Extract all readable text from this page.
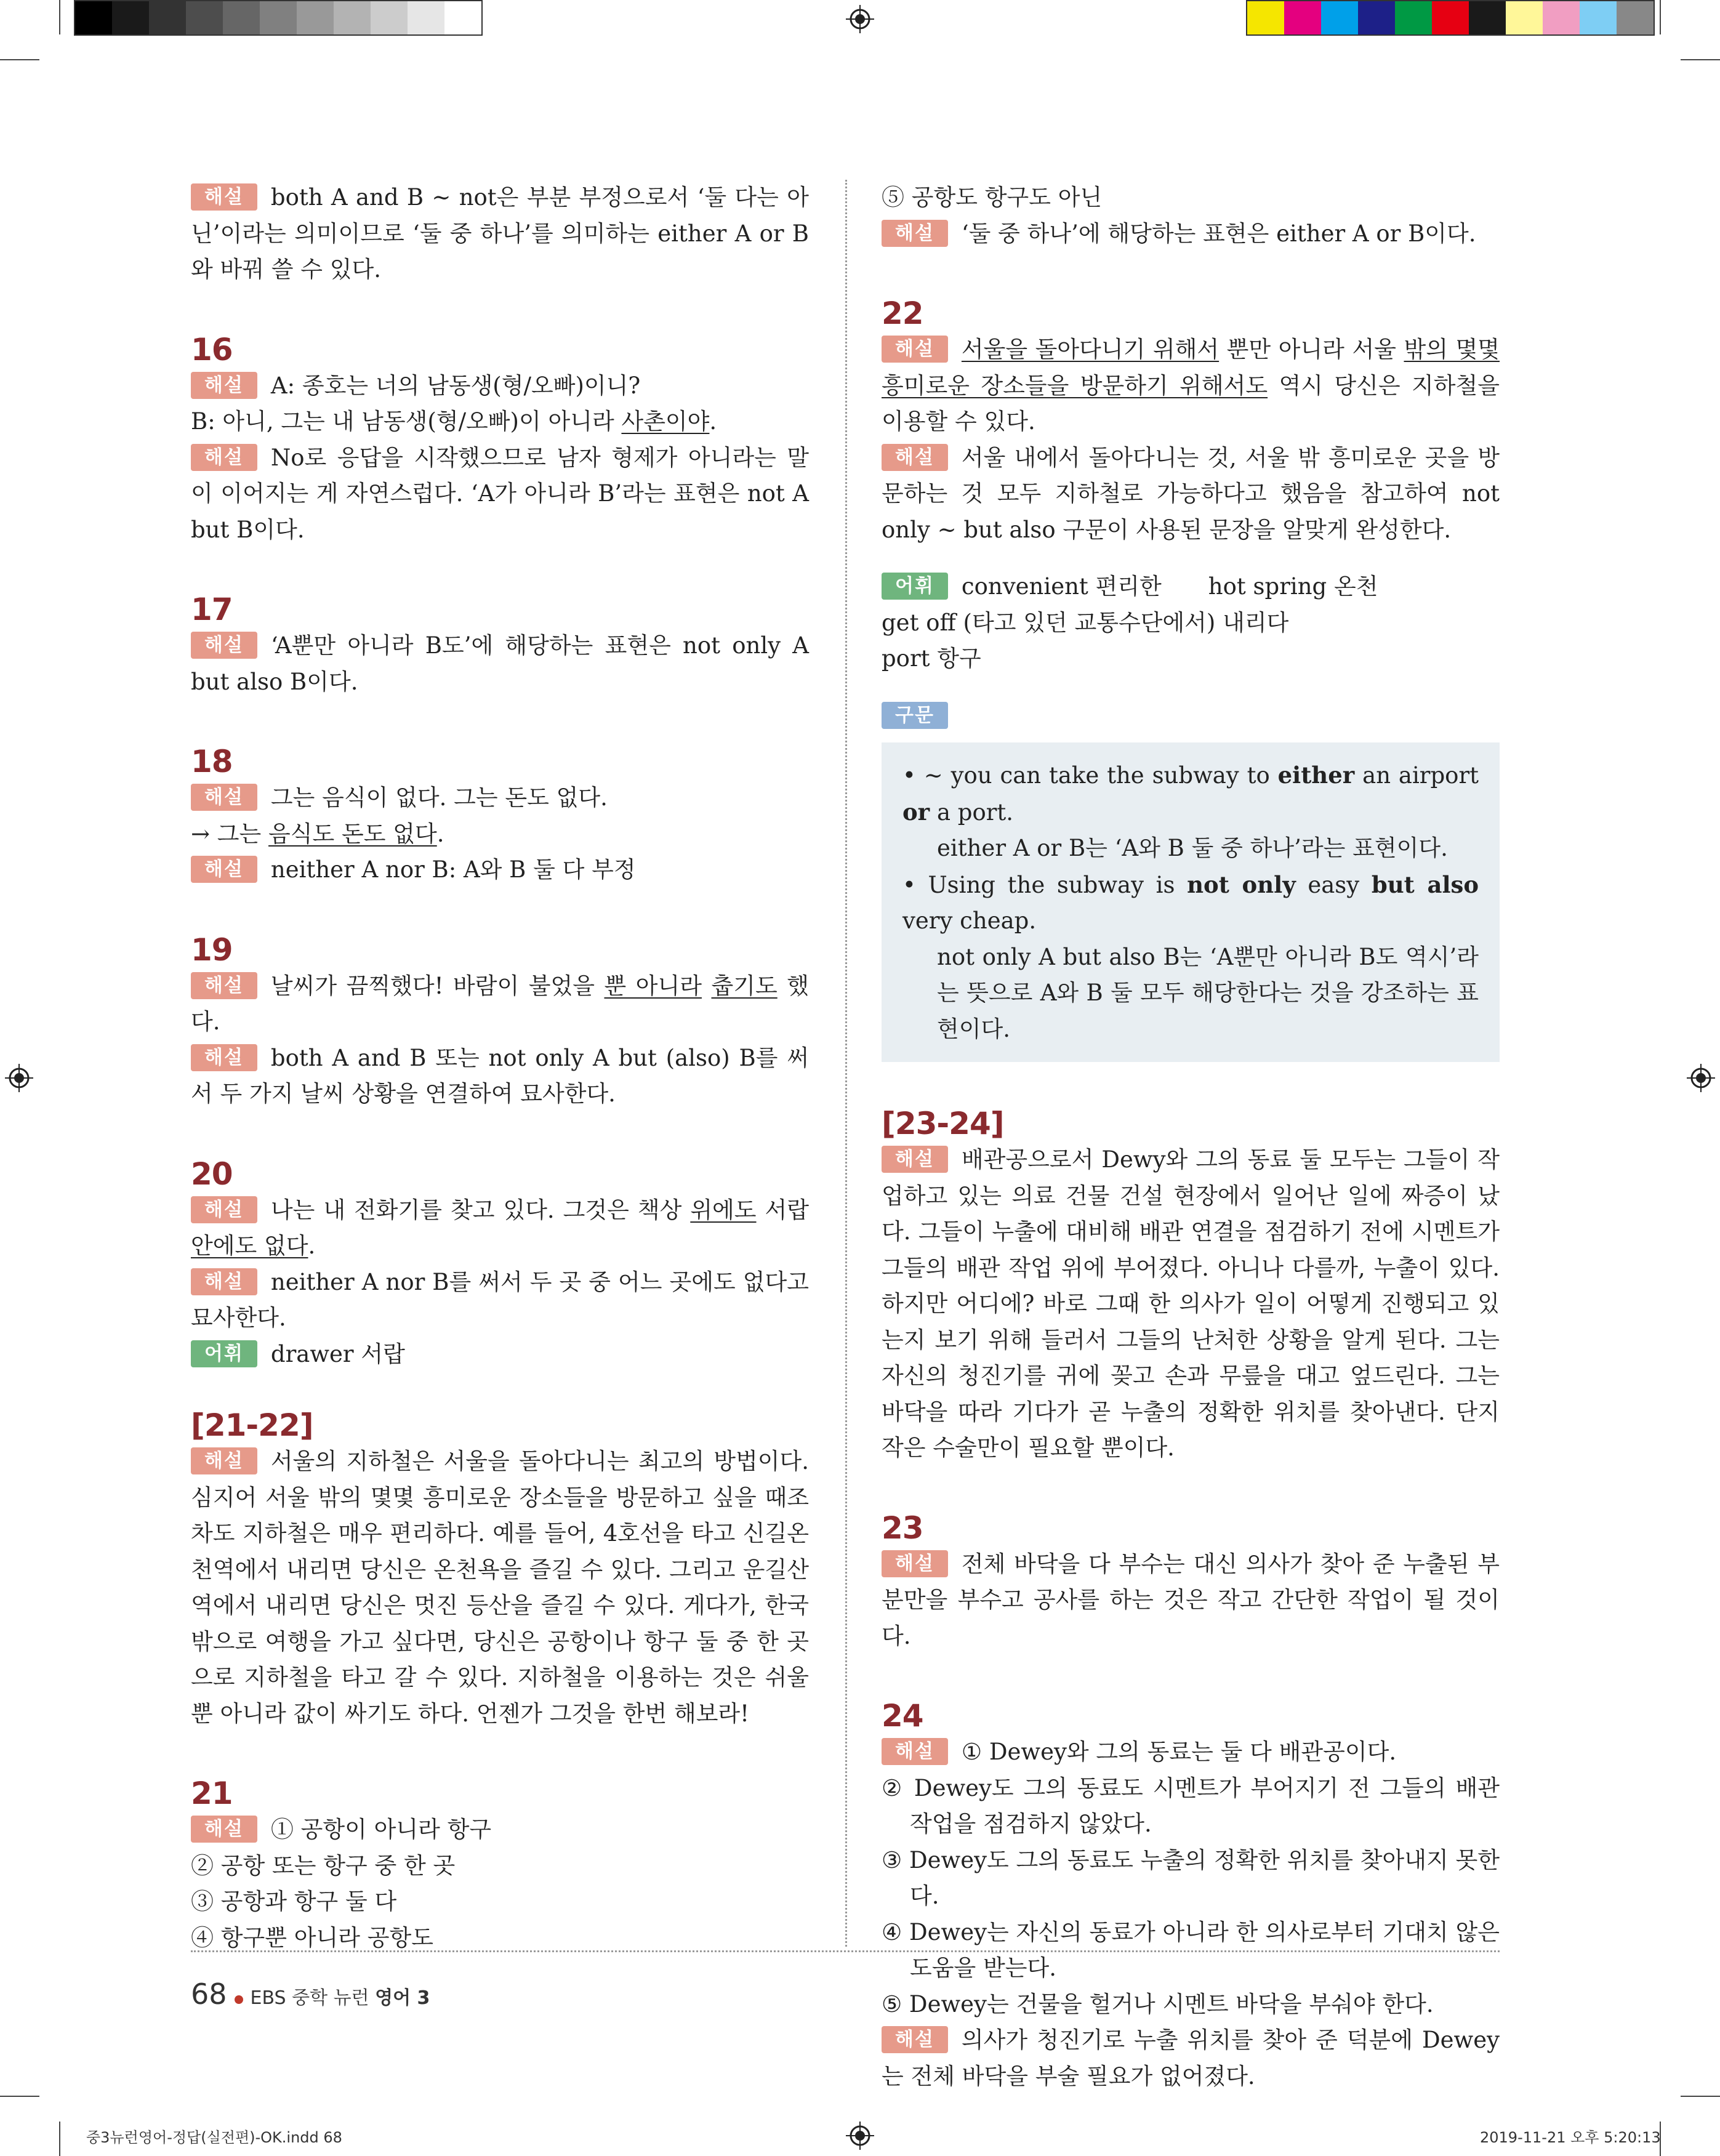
해설 both A and B ~ not은 부분 부정으로서 ‘둘 다는 아닌’이라는 의미이므로 ‘둘 중 하나’를 의미하는 either A or B와 바꿔 쓸 수 있다.

16

해설 A: 종호는 너의 남동생(형/오빠)이니?

B: 아니, 그는 내 남동생(형/오빠)이 아니라 사촌이야.

해설 No로 응답을 시작했으므로 남자 형제가 아니라는 말이 이어지는 게 자연스럽다. ‘A가 아니라 B’라는 표현은 not A but B이다.

17

해설 ‘A뿐만 아니라 B도’에 해당하는 표현은 not only A but also B이다.

18

해설 그는 음식이 없다. 그는 돈도 없다.

→ 그는 음식도 돈도 없다.

해설 neither A nor B: A와 B 둘 다 부정

19

해설 날씨가 끔찍했다! 바람이 불었을 뿐 아니라 춥기도 했다.

해설 both A and B 또는 not only A but (also) B를 써서 두 가지 날씨 상황을 연결하여 묘사한다.

20

해설 나는 내 전화기를 찾고 있다. 그것은 책상 위에도 서랍 안에도 없다.

해설 neither A nor B를 써서 두 곳 중 어느 곳에도 없다고 묘사한다.

어휘 drawer 서랍

[21-22]

해설 서울의 지하철은 서울을 돌아다니는 최고의 방법이다. 심지어 서울 밖의 몇몇 흥미로운 장소들을 방문하고 싶을 때조차도 지하철은 매우 편리하다. 예를 들어, 4호선을 타고 신길온천역에서 내리면 당신은 온천욕을 즐길 수 있다. 그리고 운길산역에서 내리면 당신은 멋진 등산을 즐길 수 있다. 게다가, 한국 밖으로 여행을 가고 싶다면, 당신은 공항이나 항구 둘 중 한 곳으로 지하철을 타고 갈 수 있다. 지하철을 이용하는 것은 쉬울 뿐 아니라 값이 싸기도 하다. 언젠가 그것을 한번 해보라!

21

해설 ① 공항이 아니라 항구

② 공항 또는 항구 중 한 곳

③ 공항과 항구 둘 다

④ 항구뿐 아니라 공항도

⑤ 공항도 항구도 아닌

해설 ‘둘 중 하나’에 해당하는 표현은 either A or B이다.

22

해설 서울을 돌아다니기 위해서 뿐만 아니라 서울 밖의 몇몇 흥미로운 장소들을 방문하기 위해서도 역시 당신은 지하철을 이용할 수 있다.

해설 서울 내에서 돌아다니는 것, 서울 밖 흥미로운 곳을 방문하는 것 모두 지하철로 가능하다고 했음을 참고하여 not only ~ but also 구문이 사용된 문장을 알맞게 완성한다.

어휘 convenient 편리한 hot spring 온천

get off (타고 있던 교통수단에서) 내리다

port 항구

구문

• ~ you can take the subway to either an airport or a port.

either A or B는 ‘A와 B 둘 중 하나’라는 표현이다.

• Using the subway is not only easy but also very cheap.

not only A but also B는 ‘A뿐만 아니라 B도 역시’라는 뜻으로 A와 B 둘 모두 해당한다는 것을 강조하는 표현이다.

[23-24]

해설 배관공으로서 Dewy와 그의 동료 둘 모두는 그들이 작업하고 있는 의료 건물 건설 현장에서 일어난 일에 짜증이 났다. 그들이 누출에 대비해 배관 연결을 점검하기 전에 시멘트가 그들의 배관 작업 위에 부어졌다. 아니나 다를까, 누출이 있다. 하지만 어디에? 바로 그때 한 의사가 일이 어떻게 진행되고 있는지 보기 위해 들러서 그들의 난처한 상황을 알게 된다. 그는 자신의 청진기를 귀에 꽂고 손과 무릎을 대고 엎드린다. 그는 바닥을 따라 기다가 곧 누출의 정확한 위치를 찾아낸다. 단지 작은 수술만이 필요할 뿐이다.

23

해설 전체 바닥을 다 부수는 대신 의사가 찾아 준 누출된 부분만을 부수고 공사를 하는 것은 작고 간단한 작업이 될 것이다.

24

해설 ① Dewey와 그의 동료는 둘 다 배관공이다.

② Dewey도 그의 동료도 시멘트가 부어지기 전 그들의 배관 작업을 점검하지 않았다.

③ Dewey도 그의 동료도 누출의 정확한 위치를 찾아내지 못한다.

④ Dewey는 자신의 동료가 아니라 한 의사로부터 기대치 않은 도움을 받는다.

⑤ Dewey는 건물을 헐거나 시멘트 바닥을 부숴야 한다.

해설 의사가 청진기로 누출 위치를 찾아 준 덕분에 Dewey는 전체 바닥을 부술 필요가 없어졌다.

68 EBS 중학 뉴런 영어 3
중3뉴런영어-정답(실전편)-OK.indd 68	2019-11-21 오후 5:20:13
